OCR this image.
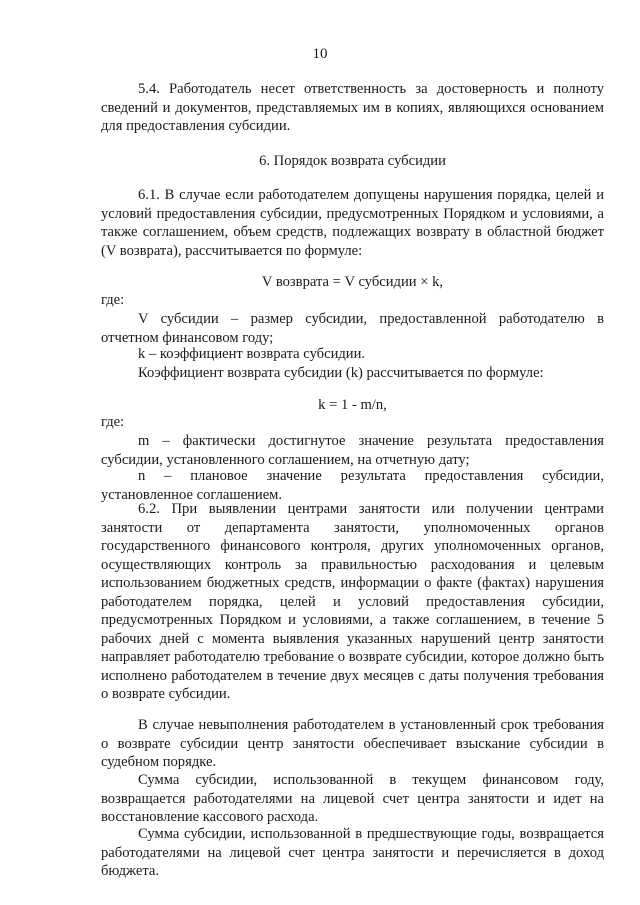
10
5.4. Работодатель несет ответственность за достоверность и полноту сведений и документов, представляемых им в копиях, являющихся основанием для предоставления субсидии.
6. Порядок возврата субсидии
6.1. В случае если работодателем допущены нарушения порядка, целей и условий предоставления субсидии, предусмотренных Порядком и условиями, а также соглашением, объем средств, подлежащих возврату в областной бюджет (V возврата), рассчитывается по формуле:
V возврата = V субсидии × k,
где:
V субсидии – размер субсидии, предоставленной работодателю в отчетном финансовом году;
k – коэффициент возврата субсидии.
Коэффициент возврата субсидии (k) рассчитывается по формуле:
k = 1 - m/n,
где:
m – фактически достигнутое значение результата предоставления субсидии, установленного соглашением, на отчетную дату;
n – плановое значение результата предоставления субсидии, установленное соглашением.
6.2. При выявлении центрами занятости или получении центрами занятости от департамента занятости, уполномоченных органов государственного финансового контроля, других уполномоченных органов, осуществляющих контроль за правильностью расходования и целевым использованием бюджетных средств, информации о факте (фактах) нарушения работодателем порядка, целей и условий предоставления субсидии, предусмотренных Порядком и условиями, а также соглашением, в течение 5 рабочих дней с момента выявления указанных нарушений центр занятости направляет работодателю требование о возврате субсидии, которое должно быть исполнено работодателем в течение двух месяцев с даты получения требования о возврате субсидии.
В случае невыполнения работодателем в установленный срок требования о возврате субсидии центр занятости обеспечивает взыскание субсидии в судебном порядке.
Сумма субсидии, использованной в текущем финансовом году, возвращается работодателями на лицевой счет центра занятости и идет на восстановление кассового расхода.
Сумма субсидии, использованной в предшествующие годы, возвращается работодателями на лицевой счет центра занятости и перечисляется в доход бюджета.
